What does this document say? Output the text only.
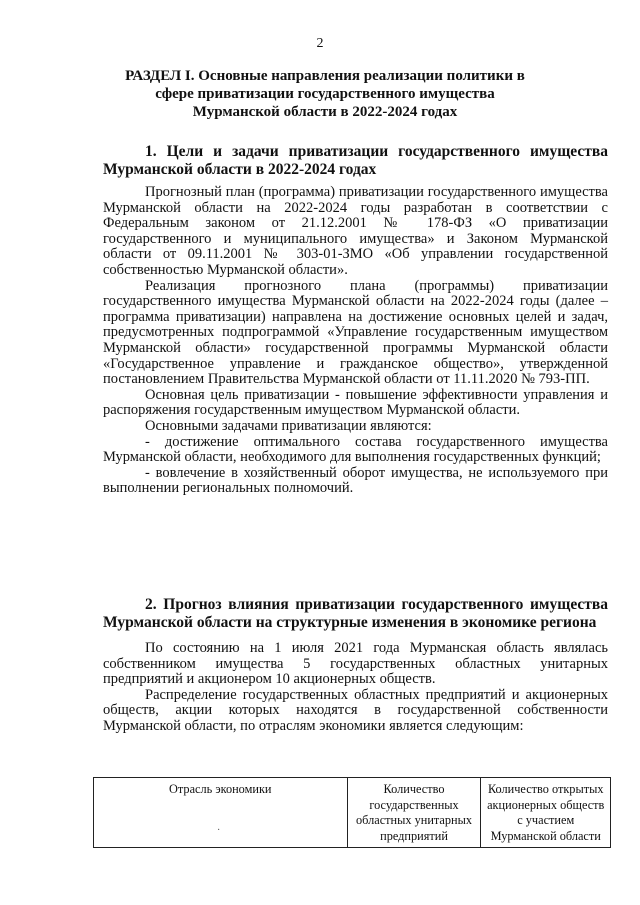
2
РАЗДЕЛ I. Основные направления реализации политики в сфере приватизации государственного имущества Мурманской области в 2022-2024 годах
1. Цели и задачи приватизации государственного имущества Мурманской области в 2022-2024 годах

Прогнозный план (программа) приватизации государственного имущества Мурманской области на 2022-2024 годы разработан в соответствии с Федеральным законом от 21.12.2001 № 178-ФЗ «О приватизации государственного и муниципального имущества» и Законом Мурманской области от 09.11.2001 № 303-01-ЗМО «Об управлении государственной собственностью Мурманской области».

Реализация прогнозного плана (программы) приватизации государственного имущества Мурманской области на 2022-2024 годы (далее – программа приватизации) направлена на достижение основных целей и задач, предусмотренных подпрограммой «Управление государственным имуществом Мурманской области» государственной программы Мурманской области «Государственное управление и гражданское общество», утвержденной постановлением Правительства Мурманской области от 11.11.2020 № 793-ПП.

Основная цель приватизации - повышение эффективности управления и распоряжения государственным имуществом Мурманской области.

Основными задачами приватизации являются:

- достижение оптимального состава государственного имущества Мурманской области, необходимого для выполнения государственных функций;

- вовлечение в хозяйственный оборот имущества, не используемого при выполнении региональных полномочий.

2. Прогноз влияния приватизации государственного имущества Мурманской области на структурные изменения в экономике региона

По состоянию на 1 июля 2021 года Мурманская область являлась собственником имущества 5 государственных областных унитарных предприятий и акционером 10 акционерных обществ.

Распределение государственных областных предприятий и акционерных обществ, акции которых находятся в государственной собственности Мурманской области, по отраслям экономики является следующим:

Отрасль экономики	Количество государственных областных унитарных предприятий	Количество открытых акционерных обществ с участием Мурманской области
·
